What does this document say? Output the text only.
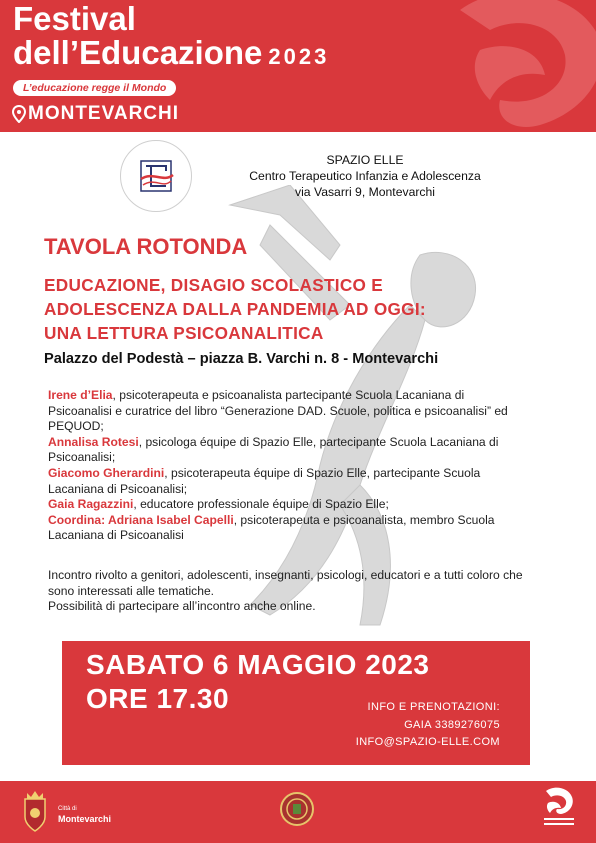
Festival
dell’Educazione 2023
L’educazione regge il Mondo
MONTEVARCHI
SPAZIO ELLE
Centro Terapeutico Infanzia e Adolescenza
via Vasarri 9, Montevarchi
TAVOLA ROTONDA
EDUCAZIONE, DISAGIO SCOLASTICO E
ADOLESCENZA DALLA PANDEMIA AD OGGI:
UNA LETTURA PSICOANALITICA
Palazzo del Podestà – piazza B. Varchi n. 8 - Montevarchi
Irene d’Elia, psicoterapeuta e psicoanalista partecipante Scuola Lacaniana di Psicoanalisi e curatrice del libro “Generazione DAD. Scuole, politica e psicoanalisi” ed PEQUOD;
Annalisa Rotesi, psicologa équipe di Spazio Elle, partecipante Scuola Lacaniana di Psicoanalisi;
Giacomo Gherardini, psicoterapeuta équipe di Spazio Elle, partecipante Scuola Lacaniana di Psicoanalisi;
Gaia Ragazzini, educatore professionale équipe di Spazio Elle;
Coordina: Adriana Isabel Capelli, psicoterapeuta e psicoanalista, membro Scuola Lacaniana di Psicoanalisi
Incontro rivolto a genitori, adolescenti, insegnanti, psicologi, educatori e a tutti coloro che sono interessati alle tematiche.
Possibilità di partecipare all’incontro anche online.
SABATO 6 MAGGIO 2023
ORE 17.30	INFO E PRENOTAZIONI:
GAIA 3389276075
INFO@SPAZIO-ELLE.COM
Città di
Montevarchi
